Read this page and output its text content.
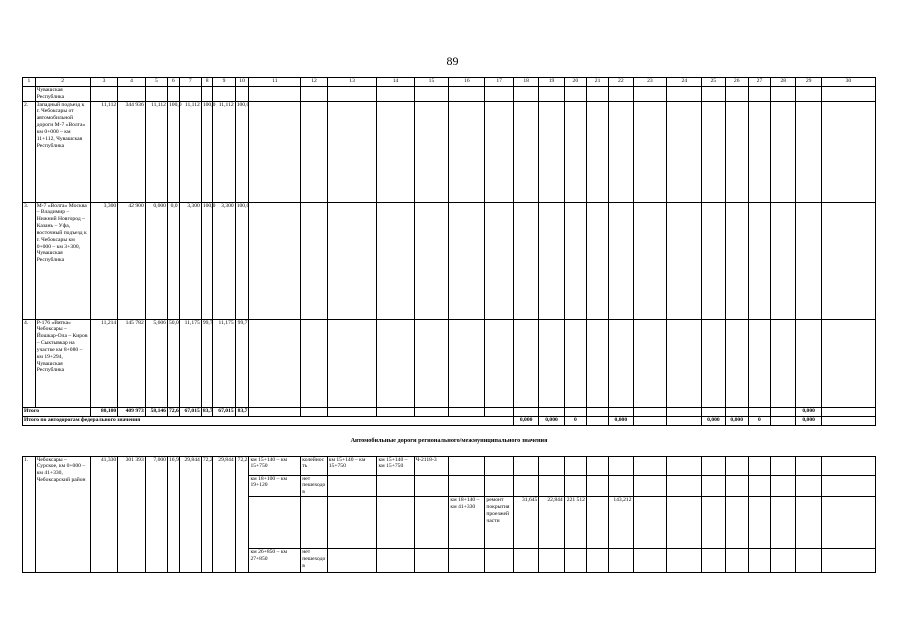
89
1	2	3	4	5	6	7	8	9	10	11	12	13	14	15	16	17	18	19	20	21	22	23	24	25	26	27	28	29	30
	Чувашская Республика																												
2.	Западный подъезд к г. Чебоксары от автомобильной дороги М-7 «Волга» км 0+000 – км 11+112, Чувашская Республика	11,112	344 936	11,112	100,0	11,112	100,0	11,112	100,0																				
3.	М-7 «Волга» Москва – Владимир – Нижний Новгород – Казань – Уфа, восточный подъезд к г. Чебоксары км 0+000 – км 3+300, Чувашская Республика	3,300	42 900	0,000	0,0	3,300	100,0	3,300	100,0																				
4.	Р-176 «Вятка» Чебоксары – Йошкар-Ола – Киров – Сыктывкар на участке км 8+080 – км 19+294, Чувашская Республика	11,214	145 782	5,606	50,0	11,175	99,7	11,175	99,7																				
Итого		80,100	409 973	58,146	72,6	67,015	83,7	67,015	83,7																			0,000	
Итого по автодорогам федерального значения																	0,000	0,000	0		0,000			0,000	0,000	0		0,000	
Автомобильные дороги регионального/межмуниципального значения																													
1.	Чебоксары – Сурское, км 0+000 – км 41+330, Чебоксарский район	41,330	301 393	7,000	16,9	29,844	72,2	29,844	72,2	км 15+140 – км 15+750	колейность	км 15+140 – км 15+750	км 15+140 – км 15+750	Ч-2118-3															
										км 18+100 – км 19+120	нет пешеходов																		
															км 18+140 – км 41+330	ремонт покрытия проезжей части	31,645	22,844	221 512		143,212								
										км 26+850 – км 27+850	нет пешеходов																		
